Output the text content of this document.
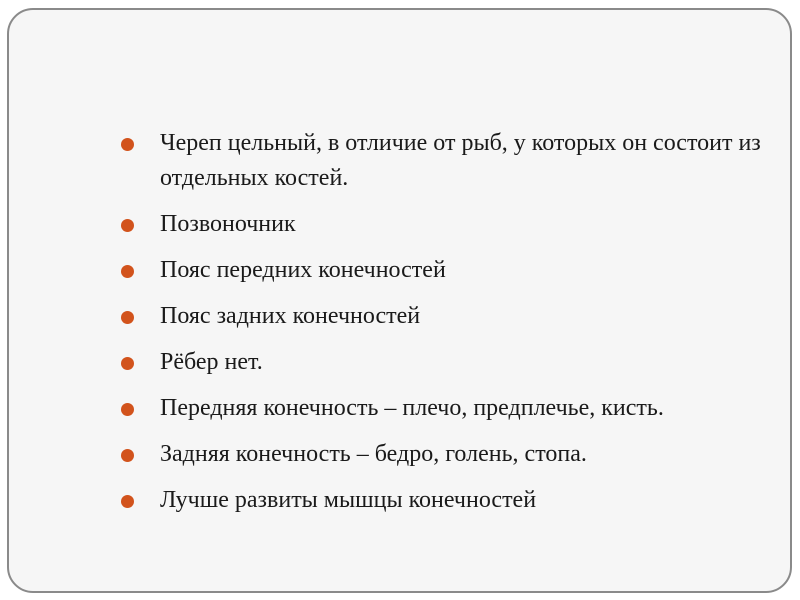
Череп цельный, в отличие от рыб, у которых он состоит из отдельных костей.
Позвоночник
Пояс передних конечностей
Пояс задних конечностей
Рёбер нет.
Передняя конечность – плечо, предплечье, кисть.
Задняя конечность – бедро, голень, стопа.
Лучше развиты мышцы конечностей
